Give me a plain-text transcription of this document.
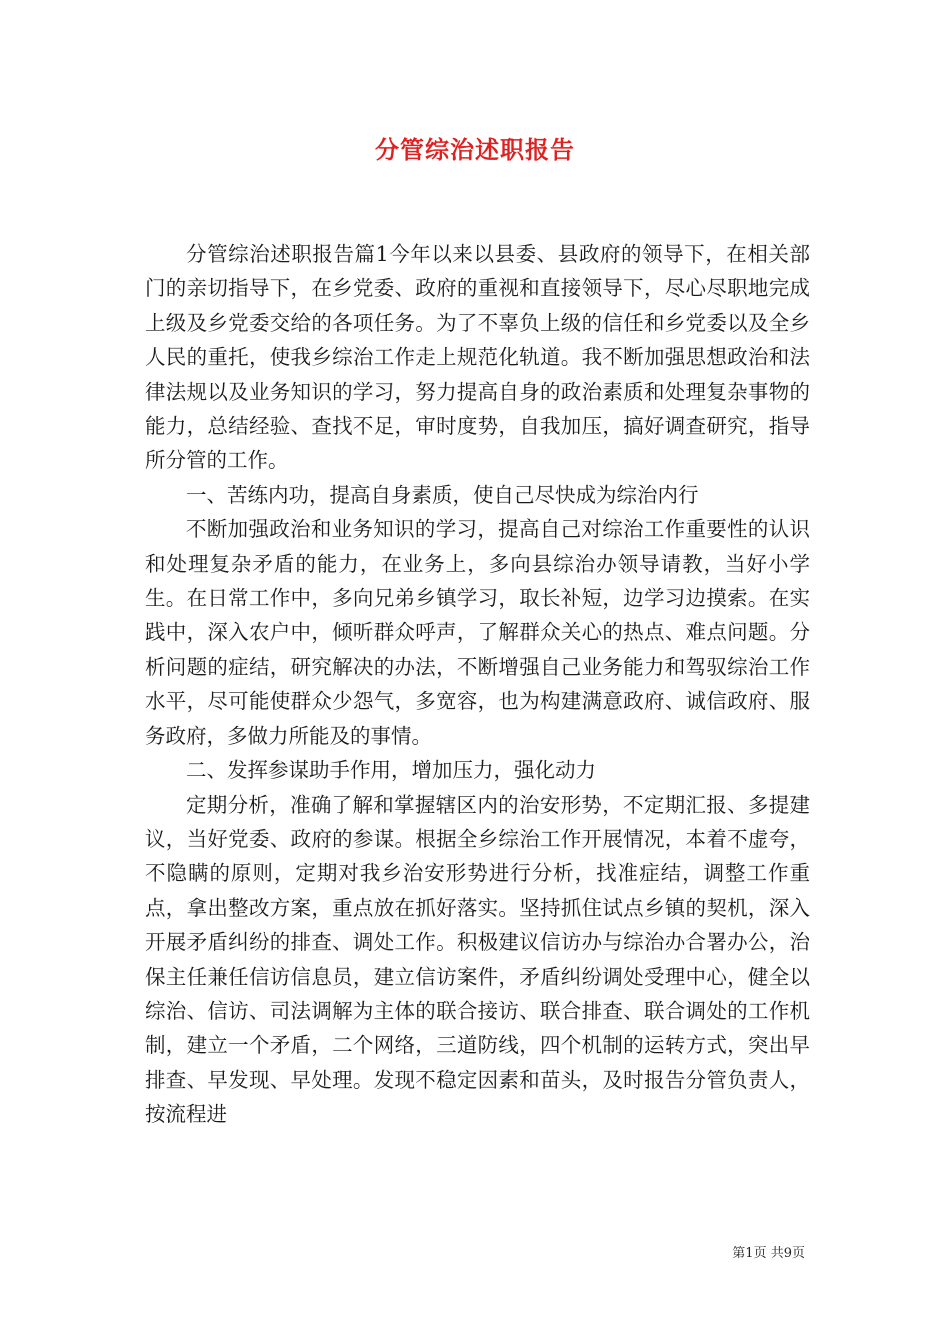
分管综治述职报告

分管综治述职报告篇1今年以来以县委、县政府的领导下，在相关部门的亲切指导下，在乡党委、政府的重视和直接领导下，尽心尽职地完成上级及乡党委交给的各项任务。为了不辜负上级的信任和乡党委以及全乡人民的重托，使我乡综治工作走上规范化轨道。我不断加强思想政治和法律法规以及业务知识的学习，努力提高自身的政治素质和处理复杂事物的能力，总结经验、查找不足，审时度势，自我加压，搞好调查研究，指导所分管的工作。

一、苦练内功，提高自身素质，使自己尽快成为综治内行

不断加强政治和业务知识的学习，提高自己对综治工作重要性的认识和处理复杂矛盾的能力，在业务上，多向县综治办领导请教，当好小学生。在日常工作中，多向兄弟乡镇学习，取长补短，边学习边摸索。在实践中，深入农户中，倾听群众呼声，了解群众关心的热点、难点问题。分析问题的症结，研究解决的办法，不断增强自己业务能力和驾驭综治工作水平，尽可能使群众少怨气，多宽容，也为构建满意政府、诚信政府、服务政府，多做力所能及的事情。

二、发挥参谋助手作用，增加压力，强化动力

定期分析，准确了解和掌握辖区内的治安形势，不定期汇报、多提建议，当好党委、政府的参谋。根据全乡综治工作开展情况，本着不虚夸，不隐瞒的原则，定期对我乡治安形势进行分析，找准症结，调整工作重点，拿出整改方案，重点放在抓好落实。坚持抓住试点乡镇的契机，深入开展矛盾纠纷的排查、调处工作。积极建议信访办与综治办合署办公，治保主任兼任信访信息员，建立信访案件，矛盾纠纷调处受理中心，健全以综治、信访、司法调解为主体的联合接访、联合排查、联合调处的工作机制，建立一个矛盾，二个网络，三道防线，四个机制的运转方式，突出早排查、早发现、早处理。发现不稳定因素和苗头，及时报告分管负责人，按流程进

第1页 共9页
